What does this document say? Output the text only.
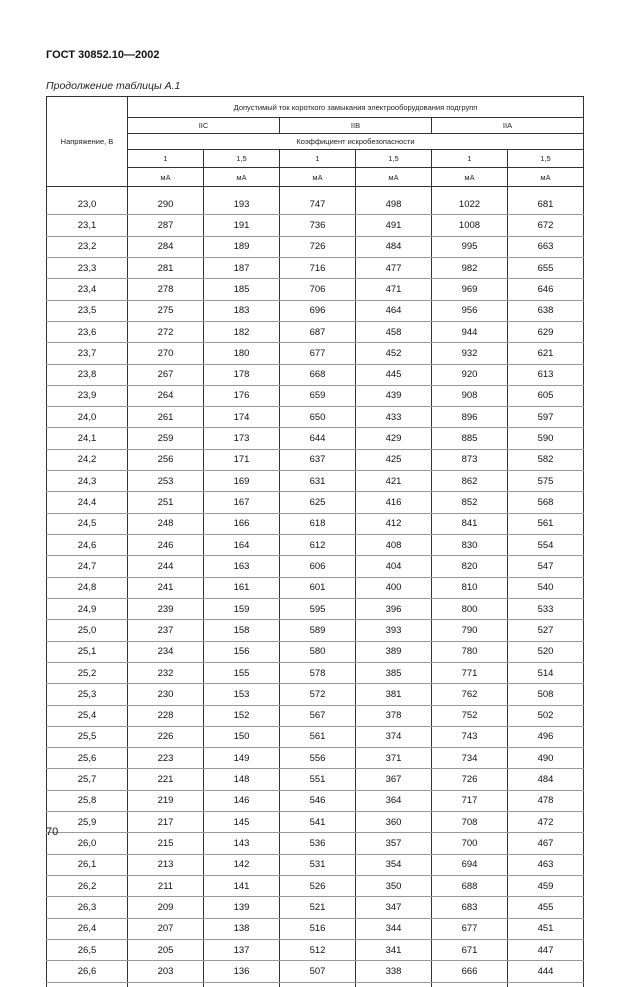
ГОСТ 30852.10—2002
Продолжение таблицы А.1
Напряжение, В	Допустимый ток короткого замыкания электрооборудования подгрупп					
	IIC		IIB		IIA	
	Коэффициент искробезопасности					
	1	1,5	1	1,5	1	1,5
	мА	мА	мА	мА	мА	мА

23,0	290	193	747	498	1022	681
23,1	287	191	736	491	1008	672
23,2	284	189	726	484	995	663
23,3	281	187	716	477	982	655
23,4	278	185	706	471	969	646
23,5	275	183	696	464	956	638
23,6	272	182	687	458	944	629
23,7	270	180	677	452	932	621
23,8	267	178	668	445	920	613
23,9	264	176	659	439	908	605
24,0	261	174	650	433	896	597
24,1	259	173	644	429	885	590
24,2	256	171	637	425	873	582
24,3	253	169	631	421	862	575
24,4	251	167	625	416	852	568
24,5	248	166	618	412	841	561
24,6	246	164	612	408	830	554
24,7	244	163	606	404	820	547
24,8	241	161	601	400	810	540
24,9	239	159	595	396	800	533
25,0	237	158	589	393	790	527
25,1	234	156	580	389	780	520
25,2	232	155	578	385	771	514
25,3	230	153	572	381	762	508
25,4	228	152	567	378	752	502
25,5	226	150	561	374	743	496
25,6	223	149	556	371	734	490
25,7	221	148	551	367	726	484
25,8	219	146	546	364	717	478
25,9	217	145	541	360	708	472
26,0	215	143	536	357	700	467
26,1	213	142	531	354	694	463
26,2	211	141	526	350	688	459
26,3	209	139	521	347	683	455
26,4	207	138	516	344	677	451
26,5	205	137	512	341	671	447
26,6	203	136	507	338	666	444

70
